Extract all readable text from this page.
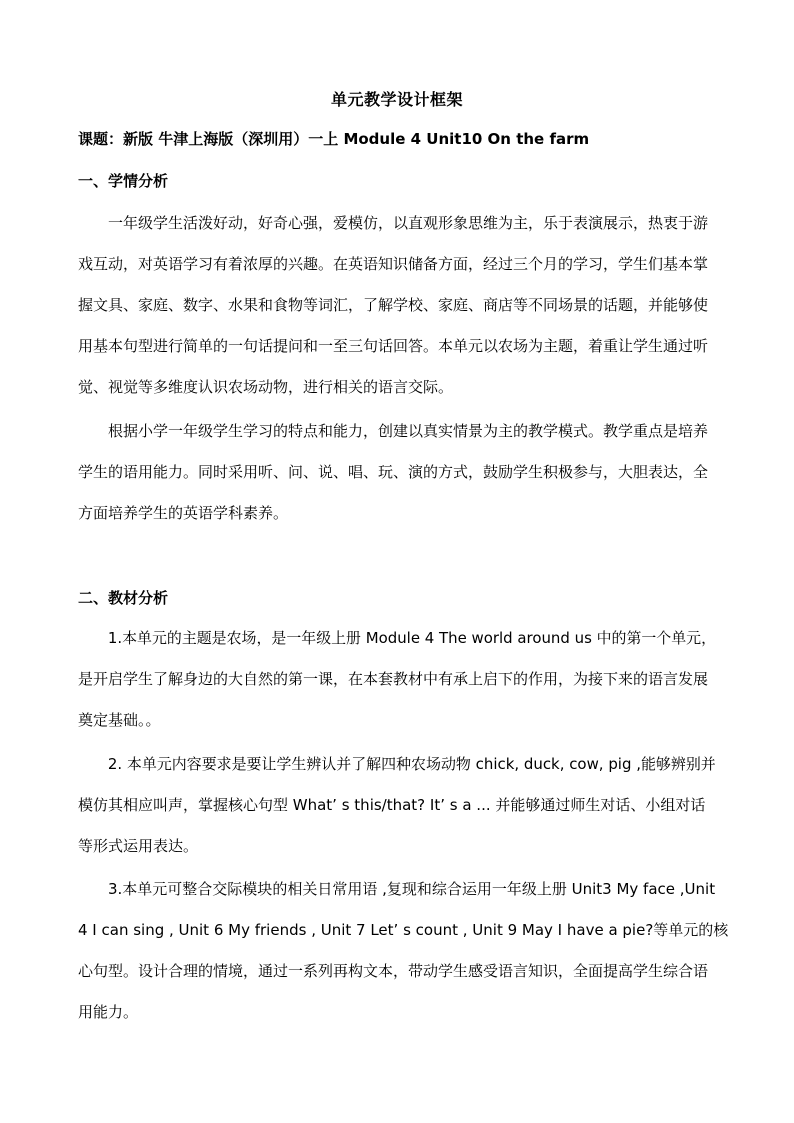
单元教学设计框架
课题：新版 牛津上海版（深圳用）一上 Module 4 Unit10 On the farm
一、学情分析
一年级学生活泼好动，好奇心强，爱模仿，以直观形象思维为主，乐于表演展示，热衷于游
戏互动，对英语学习有着浓厚的兴趣。在英语知识储备方面，经过三个月的学习，学生们基本掌
握文具、家庭、数字、水果和食物等词汇，了解学校、家庭、商店等不同场景的话题，并能够使
用基本句型进行简单的一句话提问和一至三句话回答。本单元以农场为主题，着重让学生通过听
觉、视觉等多维度认识农场动物，进行相关的语言交际。
根据小学一年级学生学习的特点和能力，创建以真实情景为主的教学模式。教学重点是培养
学生的语用能力。同时采用听、问、说、唱、玩、演的方式，鼓励学生积极参与，大胆表达，全
方面培养学生的英语学科素养。
二、教材分析
1.本单元的主题是农场，是一年级上册 Module 4 The world around us 中的第一个单元，
是开启学生了解身边的大自然的第一课，在本套教材中有承上启下的作用，为接下来的语言发展
奠定基础。。
2. 本单元内容要求是要让学生辨认并了解四种农场动物 chick, duck, cow, pig ,能够辨别并
模仿其相应叫声，掌握核心句型 What’ s this/that? It’ s a ... 并能够通过师生对话、小组对话
等形式运用表达。
3.本单元可整合交际模块的相关日常用语 ,复现和综合运用一年级上册 Unit3 My face ,Unit
4 I can sing , Unit 6 My friends , Unit 7 Let’ s count , Unit 9 May I have a pie?等单元的核
心句型。设计合理的情境，通过一系列再构文本，带动学生感受语言知识，全面提高学生综合语
用能力。
